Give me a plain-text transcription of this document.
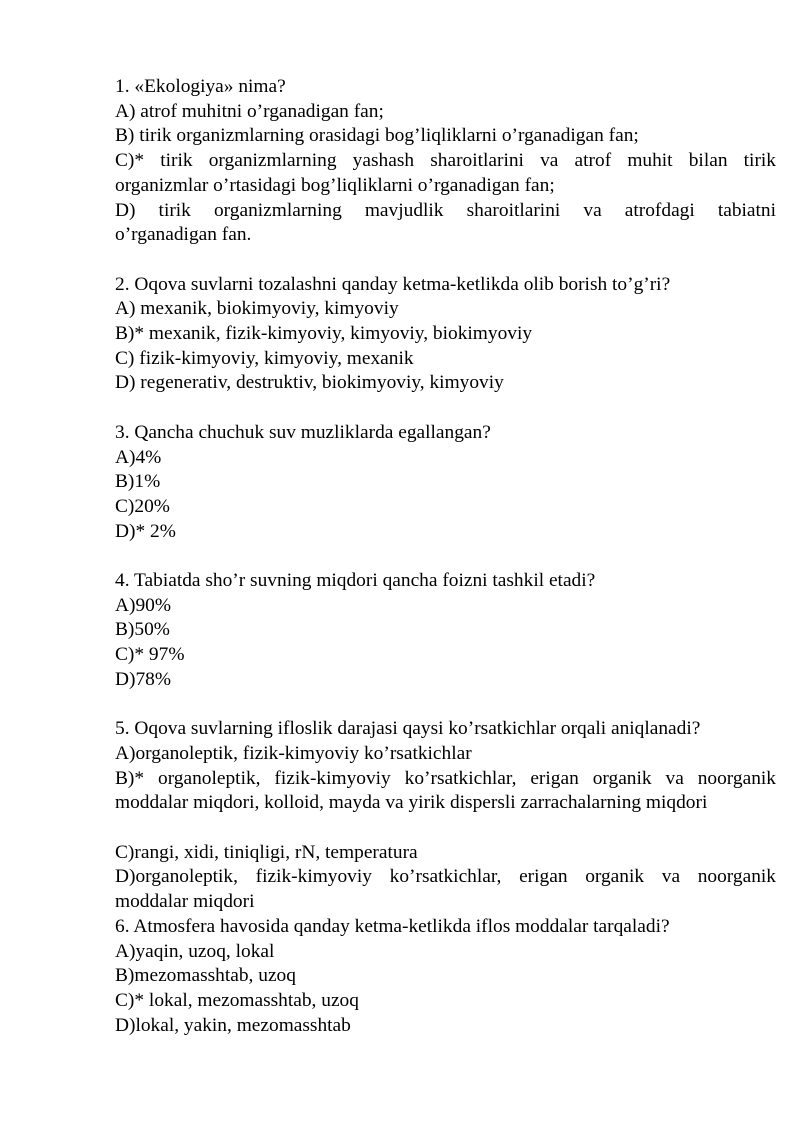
1. «Ekologiya» nima?
A) atrof muhitni o’rganadigan fan;
B) tirik organizmlarning orasidagi bog’liqliklarni o’rganadigan fan;
C)* tirik organizmlarning yashash sharoitlarini va atrof muhit bilan tirik
organizmlar o’rtasidagi bog’liqliklarni o’rganadigan fan;
D) tirik organizmlarning mavjudlik sharoitlarini va atrofdagi tabiatni
o’rganadigan fan.
2. Oqova suvlarni tozalashni qanday ketma-ketlikda olib borish to’g’ri?
A) mexanik, biokimyoviy, kimyoviy
B)* mexanik, fizik-kimyoviy, kimyoviy, biokimyoviy
C) fizik-kimyoviy, kimyoviy, mexanik
D) regenerativ, destruktiv, biokimyoviy, kimyoviy
3. Qancha chuchuk suv muzliklarda egallangan?
A)4%
B)1%
C)20%
D)* 2%
4. Tabiatda sho’r suvning miqdori qancha foizni tashkil etadi?
A)90%
B)50%
C)* 97%
D)78%
5. Oqova suvlarning ifloslik darajasi qaysi ko’rsatkichlar orqali aniqlanadi?
A)organoleptik, fizik-kimyoviy ko’rsatkichlar
B)* organoleptik, fizik-kimyoviy ko’rsatkichlar, erigan organik va noorganik
moddalar miqdori, kolloid, mayda va yirik dispersli zarrachalarning miqdori
C)rangi, xidi, tiniqligi, rN, temperatura
D)organoleptik, fizik-kimyoviy ko’rsatkichlar, erigan organik va noorganik
moddalar miqdori
6. Atmosfera havosida qanday ketma-ketlikda iflos moddalar tarqaladi?
A)yaqin, uzoq, lokal
B)mezomasshtab, uzoq
C)* lokal, mezomasshtab, uzoq
D)lokal, yakin, mezomasshtab
